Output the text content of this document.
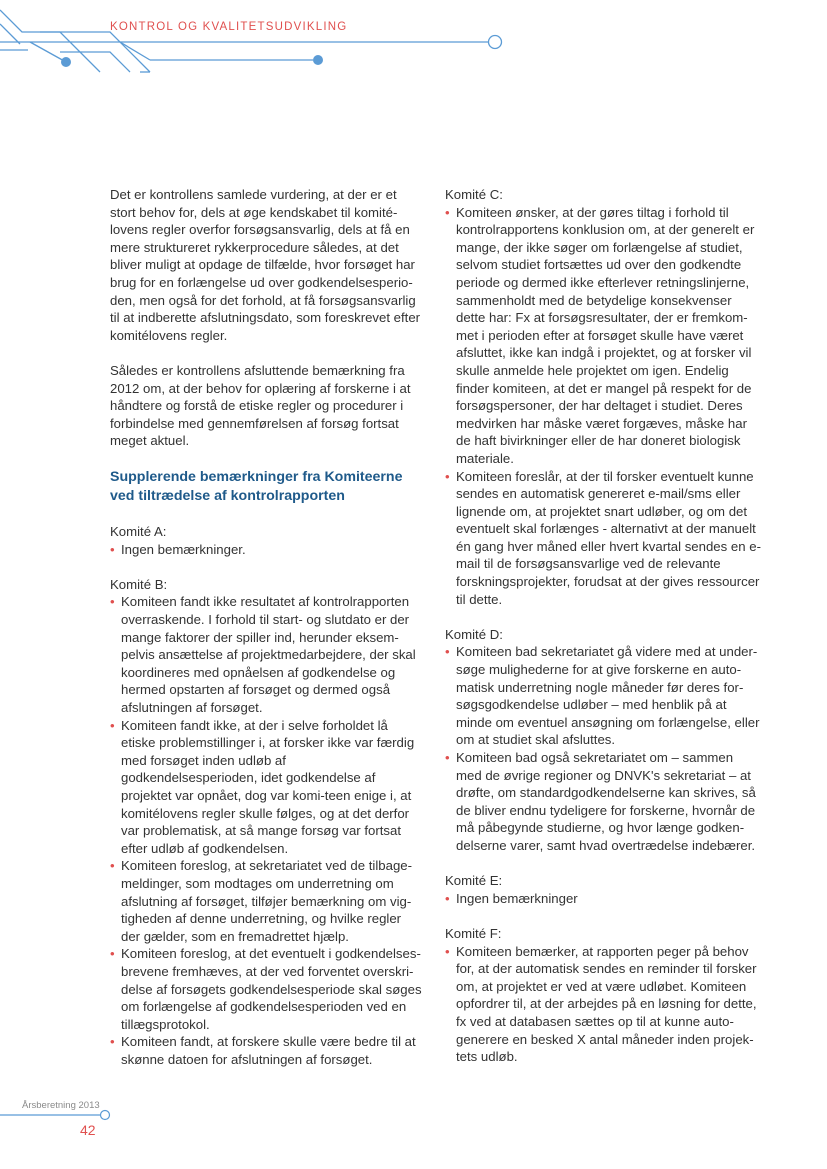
KONTROL OG KVALITETSUDVIKLING

Det er kontrollens samlede vurdering, at der er et stort behov for, dels at øge kendskabet til komité-lovens regler overfor forsøgsansvarlig, dels at få en mere struktureret rykkerprocedure således, at det bliver muligt at opdage de tilfælde, hvor forsøget har brug for en forlængelse ud over godkendelsesperio-den, men også for det forhold, at få forsøgsansvarlig til at indberette afslutningsdato, som foreskrevet efter komitélovens regler.

Således er kontrollens afsluttende bemærkning fra 2012 om, at der behov for oplæring af forskerne i at håndtere og forstå de etiske regler og procedurer i forbindelse med gennemførelsen af forsøg fortsat meget aktuel.

Supplerende bemærkninger fra Komiteerne ved tiltrædelse af kontrolrapporten

Komité A:

• Ingen bemærkninger.

Komité B:

• Komiteen fandt ikke resultatet af kontrolrapporten overraskende. I forhold til start- og slutdato er der mange faktorer der spiller ind, herunder eksem-pelvis ansættelse af projektmedarbejdere, der skal koordineres med opnåelsen af godkendelse og hermed opstarten af forsøget og dermed også afslutningen af forsøget.
• Komiteen fandt ikke, at der i selve forholdet lå etiske problemstillinger i, at forsker ikke var færdig med forsøget inden udløb af godkendelsesperioden, idet godkendelse af projektet var opnået, dog var komi-teen enige i, at komitélovens regler skulle følges, og at det derfor var problematisk, at så mange forsøg var fortsat efter udløb af godkendelsen.
• Komiteen foreslog, at sekretariatet ved de tilbage-meldinger, som modtages om underretning om afslutning af forsøget, tilføjer bemærkning om vig-tigheden af denne underretning, og hvilke regler der gælder, som en fremadrettet hjælp.
• Komiteen foreslog, at det eventuelt i godkendelses-brevene fremhæves, at der ved forventet overskri-delse af forsøgets godkendelsesperiode skal søges om forlængelse af godkendelsesperioden ved en tillægsprotokol.
• Komiteen fandt, at forskere skulle være bedre til at skønne datoen for afslutningen af forsøget.

Komité C:

• Komiteen ønsker, at der gøres tiltag i forhold til kontrolrapportens konklusion om, at der generelt er mange, der ikke søger om forlængelse af studiet, selvom studiet fortsættes ud over den godkendte periode og dermed ikke efterlever retningslinjerne, sammenholdt med de betydelige konsekvenser dette har: Fx at forsøgsresultater, der er fremkom-met i perioden efter at forsøget skulle have været afsluttet, ikke kan indgå i projektet, og at forsker vil skulle anmelde hele projektet om igen. Endelig finder komiteen, at det er mangel på respekt for de forsøgspersoner, der har deltaget i studiet. Deres medvirken har måske været forgæves, måske har de haft bivirkninger eller de har doneret biologisk materiale.
• Komiteen foreslår, at der til forsker eventuelt kunne sendes en automatisk genereret e-mail/sms eller lignende om, at projektet snart udløber, og om det eventuelt skal forlænges - alternativt at der manuelt én gang hver måned eller hvert kvartal sendes en e-mail til de forsøgsansvarlige ved de relevante forskningsprojekter, forudsat at der gives ressourcer til dette.

Komité D:

• Komiteen bad sekretariatet gå videre med at under-søge mulighederne for at give forskerne en auto-matisk underretning nogle måneder før deres for-søgsgodkendelse udløber – med henblik på at minde om eventuel ansøgning om forlængelse, eller om at studiet skal afsluttes.
• Komiteen bad også sekretariatet om – sammen med de øvrige regioner og DNVK's sekretariat – at drøfte, om standardgodkendelserne kan skrives, så de bliver endnu tydeligere for forskerne, hvornår de må påbegynde studierne, og hvor længe godken-delserne varer, samt hvad overtrædelse indebærer.

Komité E:

• Ingen bemærkninger

Komité F:

• Komiteen bemærker, at rapporten peger på behov for, at der automatisk sendes en reminder til forsker om, at projektet er ved at være udløbet. Komiteen opfordrer til, at der arbejdes på en løsning for dette, fx ved at databasen sættes op til at kunne auto-generere en besked X antal måneder inden projek-tets udløb.
Årsberetning 2013
42
